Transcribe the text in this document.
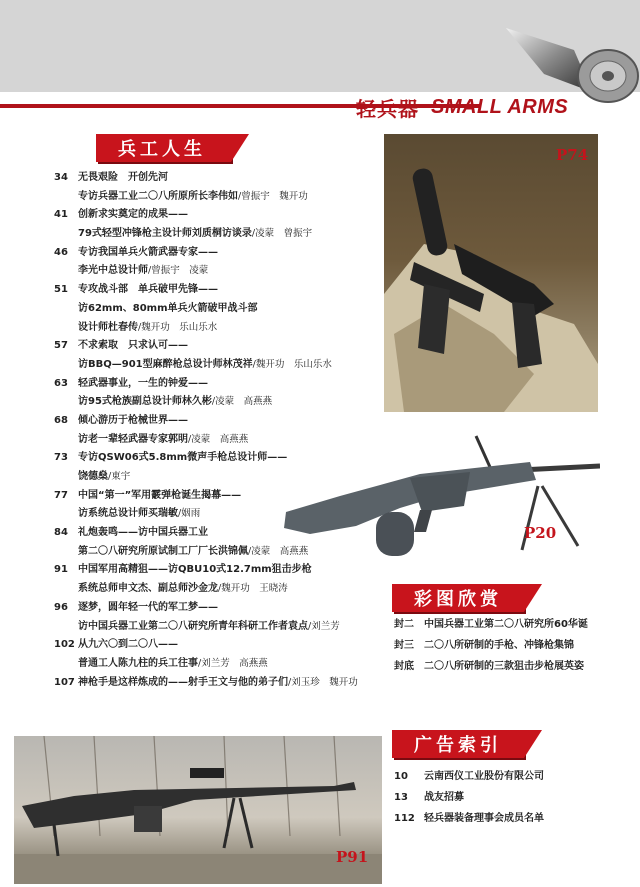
轻兵器 SMALL ARMS
兵工人生
34	无畏艰险　开创先河
专访兵器工业二〇八所原所长李伟如/曾振宇　魏开功
41	创新求实奠定的成果——
79式轻型冲锋枪主设计师刘质桐访谈录/凌蒙　曾振宇
46	专访我国单兵火箭武器专家——
李光中总设计师/曾振宇　凌蒙
51	专攻战斗部　单兵破甲先锋——
访62mm、80mm单兵火箭破甲战斗部
设计师杜春传/魏开功　乐山乐水
57	不求索取　只求认可——
访BBQ—901型麻醉枪总设计师林茂祥/魏开功　乐山乐水
63	轻武器事业，一生的钟爱——
访95式枪族副总设计师林久彬/凌蒙　高燕燕
68	倾心游历于枪械世界——
访老一辈轻武器专家郭明/凌蒙　高燕燕
73	专访QSW06式5.8mm微声手枪总设计师——
饶德燊/東宇
77	中国“第一”军用霰弹枪诞生揭幕——
访系统总设计师买瑞敏/姻雨
84	礼炮轰鸣——访中国兵器工业
第二〇八研究所原试制工厂厂长洪锦佩/凌蒙　高燕燕
91	中国军用高精狙——访QBU10式12.7mm狙击步枪
系统总师申文杰、副总师沙金龙/魏开功　王晓涛
96	逐梦，圆年轻一代的军工梦——
访中国兵器工业第二〇八研究所青年科研工作者袁点/刘兰芳
102 从九六〇到二〇八——
普通工人陈九柱的兵工往事/刘兰芳　高燕燕
107 神枪手是这样炼成的——射手王文与他的弟子们/刘玉珍　魏开功
P74
P20
彩图欣赏
封二 中国兵器工业第二〇八研究所60华诞
封三 二〇八所研制的手枪、冲锋枪集锦
封底 二〇八所研制的三款狙击步枪展英姿
广告索引
10 云南西仪工业股份有限公司
13 战友招募
112 轻兵器装备理事会成员名单
P91
